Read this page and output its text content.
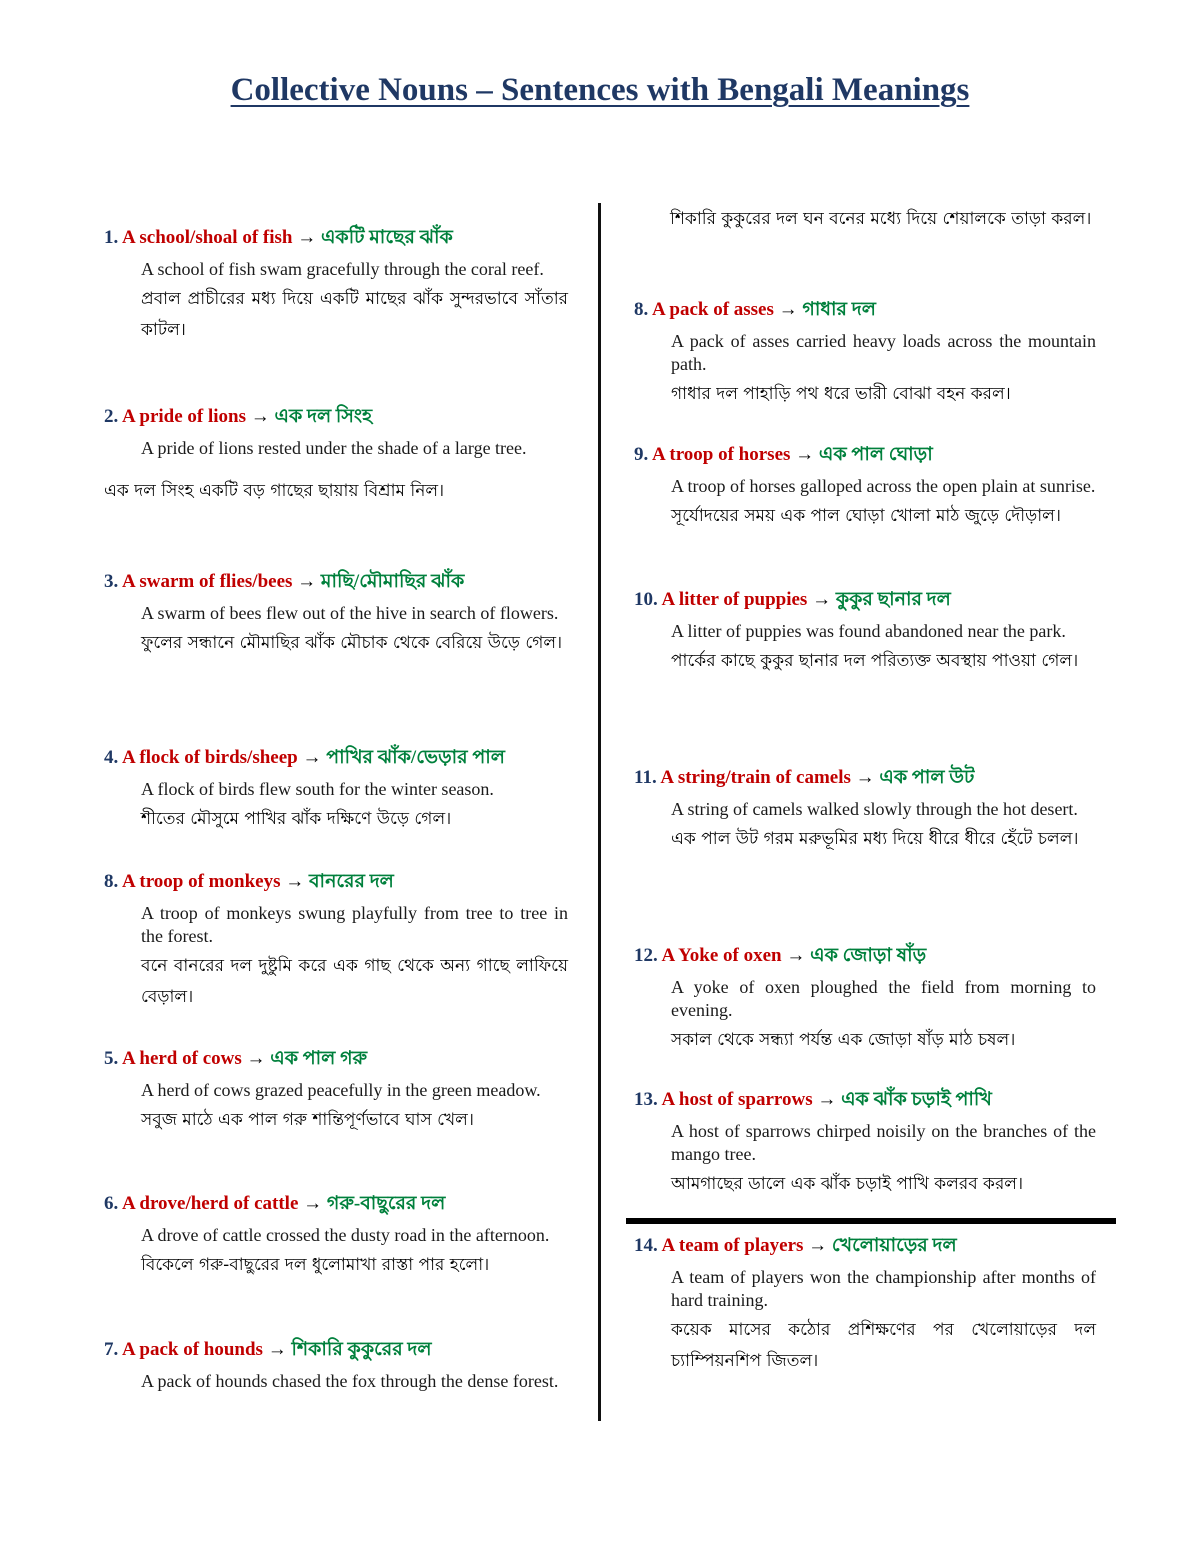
Collective Nouns – Sentences with Bengali Meanings
1. A school/shoal of fish → একটি মাছের ঝাঁক
A school of fish swam gracefully through the coral reef.
প্রবাল প্রাচীরের মধ্য দিয়ে একটি মাছের ঝাঁক সুন্দরভাবে সাঁতার কাটল।
2. A pride of lions → এক দল সিংহ
A pride of lions rested under the shade of a large tree.
এক দল সিংহ একটি বড় গাছের ছায়ায় বিশ্রাম নিল।
3. A swarm of flies/bees → মাছি/মৌমাছির ঝাঁক
A swarm of bees flew out of the hive in search of flowers.
ফুলের সন্ধানে মৌমাছির ঝাঁক মৌচাক থেকে বেরিয়ে উড়ে গেল।
4. A flock of birds/sheep → পাখির ঝাঁক/ভেড়ার পাল
A flock of birds flew south for the winter season.
শীতের মৌসুমে পাখির ঝাঁক দক্ষিণে উড়ে গেল।
8. A troop of monkeys → বানরের দল
A troop of monkeys swung playfully from tree to tree in the forest.
বনে বানরের দল দুষ্টুমি করে এক গাছ থেকে অন্য গাছে লাফিয়ে বেড়াল।
5. A herd of cows → এক পাল গরু
A herd of cows grazed peacefully in the green meadow.
সবুজ মাঠে এক পাল গরু শান্তিপূর্ণভাবে ঘাস খেল।
6. A drove/herd of cattle → গরু-বাছুরের দল
A drove of cattle crossed the dusty road in the afternoon.
বিকেলে গরু-বাছুরের দল ধুলোমাখা রাস্তা পার হলো।
7. A pack of hounds → শিকারি কুকুরের দল
A pack of hounds chased the fox through the dense forest.
8. A pack of asses → গাধার দল
A pack of asses carried heavy loads across the mountain path.
গাধার দল পাহাড়ি পথ ধরে ভারী বোঝা বহন করল।
9. A troop of horses → এক পাল ঘোড়া
A troop of horses galloped across the open plain at sunrise.
সূর্যোদয়ের সময় এক পাল ঘোড়া খোলা মাঠ জুড়ে দৌড়াল।
10. A litter of puppies → কুকুর ছানার দল
A litter of puppies was found abandoned near the park.
পার্কের কাছে কুকুর ছানার দল পরিত্যক্ত অবস্থায় পাওয়া গেল।
11. A string/train of camels → এক পাল উট
A string of camels walked slowly through the hot desert.
এক পাল উট গরম মরুভূমির মধ্য দিয়ে ধীরে ধীরে হেঁটে চলল।
12. A Yoke of oxen → এক জোড়া ষাঁড়
A yoke of oxen ploughed the field from morning to evening.
সকাল থেকে সন্ধ্যা পর্যন্ত এক জোড়া ষাঁড় মাঠ চষল।
13. A host of sparrows → এক ঝাঁক চড়াই পাখি
A host of sparrows chirped noisily on the branches of the mango tree.
আমগাছের ডালে এক ঝাঁক চড়াই পাখি কলরব করল।
14. A team of players → খেলোয়াড়ের দল
A team of players won the championship after months of hard training.
কয়েক মাসের কঠোর প্রশিক্ষণের পর খেলোয়াড়ের দল চ্যাম্পিয়নশিপ জিতল।
শিকারি কুকুরের দল ঘন বনের মধ্যে দিয়ে শেয়ালকে তাড়া করল।
